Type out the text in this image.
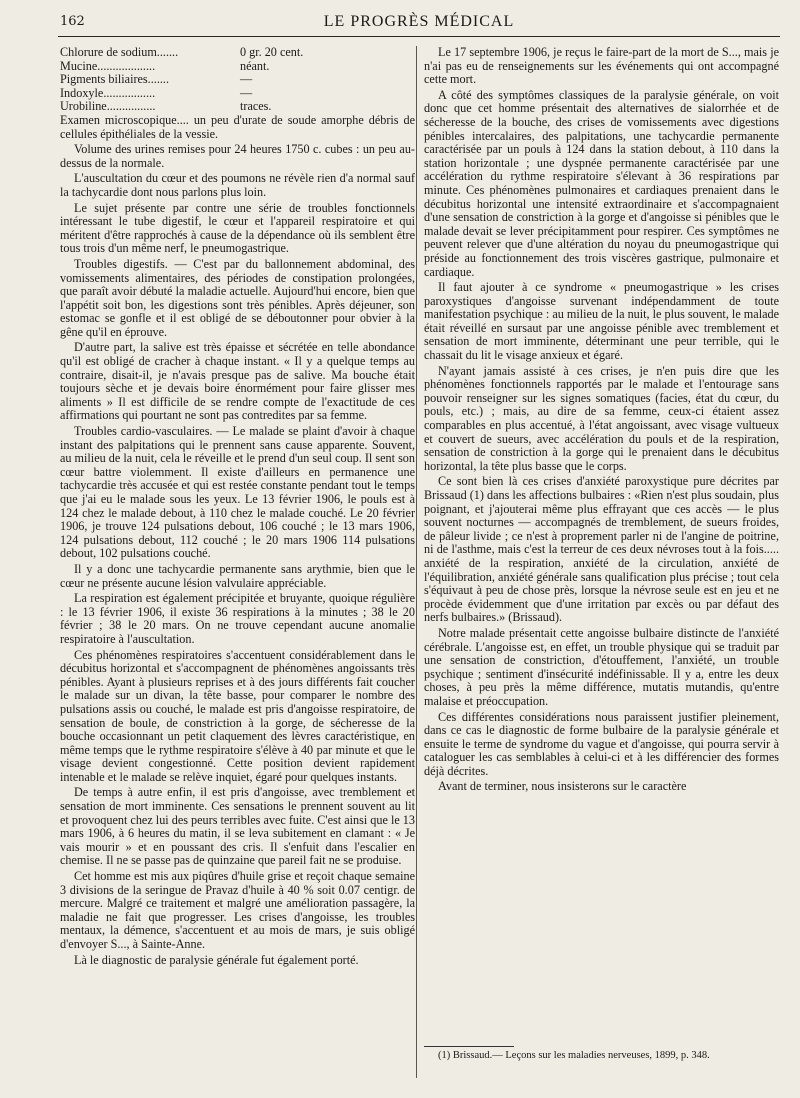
162	LE PROGRÈS MÉDICAL
Chlorure de sodium.......	0 gr. 20 cent.
Mucine...................	néant.
Pigments biliaires.......	—
Indoxyle.................	—
Urobiline................	traces.
Examen microscopique.... un peu d'urate de soude amorphe débris de cellules épithéliales de la vessie.

Volume des urines remises pour 24 heures 1750 c. cubes : un peu au-dessus de la normale.

L'auscultation du cœur et des poumons ne révèle rien d'a normal sauf la tachycardie dont nous parlons plus loin.

Le sujet présente par contre une série de troubles fonctionnels intéressant le tube digestif, le cœur et l'appareil respiratoire et qui méritent d'être rapprochés à cause de la dépendance où ils semblent être tous trois d'un même nerf, le pneumogastrique.

Troubles digestifs. — C'est par du ballonnement abdominal, des vomissements alimentaires, des périodes de constipation prolongées, que paraît avoir débuté la maladie actuelle. Aujourd'hui encore, bien que l'appétit soit bon, les digestions sont très pénibles. Après déjeuner, son estomac se gonfle et il est obligé de se déboutonner pour obvier à la gêne qu'il en éprouve.

D'autre part, la salive est très épaisse et sécrétée en telle abondance qu'il est obligé de cracher à chaque instant. « Il y a quelque temps au contraire, disait-il, je n'avais presque pas de salive. Ma bouche était toujours sèche et je devais boire énormément pour faire glisser mes aliments » Il est difficile de se rendre compte de l'exactitude de ces affirmations qui pourtant ne sont pas contredites par sa femme.

Troubles cardio-vasculaires. — Le malade se plaint d'avoir à chaque instant des palpitations qui le prennent sans cause apparente. Souvent, au milieu de la nuit, cela le réveille et le prend d'un seul coup. Il sent son cœur battre violemment. Il existe d'ailleurs en permanence une tachycardie très accusée et qui est restée constante pendant tout le temps que j'ai eu le malade sous les yeux. Le 13 février 1906, le pouls est à 124 chez le malade debout, à 110 chez le malade couché. Le 20 février 1906, je trouve 124 pulsations debout, 106 couché ; le 13 mars 1906, 124 pulsations debout, 112 couché ; le 20 mars 1906 114 pulsations debout, 102 pulsations couché.

Il y a donc une tachycardie permanente sans arythmie, bien que le cœur ne présente aucune lésion valvulaire appréciable.

La respiration est également précipitée et bruyante, quoique régulière : le 13 février 1906, il existe 36 respirations à la minutes ; 38 le 20 février ; 38 le 20 mars. On ne trouve cependant aucune anomalie respiratoire à l'auscultation.

Ces phénomènes respiratoires s'accentuent considérablement dans le décubitus horizontal et s'accompagnent de phénomènes angoissants très pénibles. Ayant à plusieurs reprises et à des jours différents fait coucher le malade sur un divan, la tête basse, pour comparer le nombre des pulsations assis ou couché, le malade est pris d'angoisse respiratoire, de sensation de boule, de constriction à la gorge, de sécheresse de la bouche occasionnant un petit claquement des lèvres caractéristique, en même temps que le rythme respiratoire s'élève à 40 par minute et que le visage devient congestionné. Cette position devient rapidement intenable et le malade se relève inquiet, égaré pour quelques instants.

De temps à autre enfin, il est pris d'angoisse, avec tremblement et sensation de mort imminente. Ces sensations le prennent souvent au lit et provoquent chez lui des peurs terribles avec fuite. C'est ainsi que le 13 mars 1906, à 6 heures du matin, il se leva subitement en clamant : « Je vais mourir » et en poussant des cris. Il s'enfuit dans l'escalier en chemise. Il ne se passe pas de quinzaine que pareil fait ne se produise.

Cet homme est mis aux piqûres d'huile grise et reçoit chaque semaine 3 divisions de la seringue de Pravaz d'huile à 40 % soit 0.07 centigr. de mercure. Malgré ce traitement et malgré une amélioration passagère, la maladie ne fait que progresser. Les crises d'angoisse, les troubles mentaux, la démence, s'accentuent et au mois de mars, je suis obligé d'envoyer S..., à Sainte-Anne.

Là le diagnostic de paralysie générale fut également porté.

Le 17 septembre 1906, je reçus le faire-part de la mort de S..., mais je n'ai pas eu de renseignements sur les événements qui ont accompagné cette mort.

A côté des symptômes classiques de la paralysie générale, on voit donc que cet homme présentait des alternatives de sialorrhée et de sécheresse de la bouche, des crises de vomissements avec digestions pénibles intercalaires, des palpitations, une tachycardie permanente caractérisée par un pouls à 124 dans la station debout, à 110 dans la station horizontale ; une dyspnée permanente caractérisée par une accélération du rythme respiratoire s'élevant à 36 respirations par minute. Ces phénomènes pulmonaires et cardiaques prenaient dans le décubitus horizontal une intensité extraordinaire et s'accompagnaient d'une sensation de constriction à la gorge et d'angoisse si pénibles que le malade devait se lever précipitamment pour respirer. Ces symptômes ne peuvent relever que d'une altération du noyau du pneumogastrique qui préside au fonctionnement des trois viscères gastrique, pulmonaire et cardiaque.

Il faut ajouter à ce syndrome « pneumogastrique » les crises paroxystiques d'angoisse survenant indépendamment de toute manifestation psychique : au milieu de la nuit, le plus souvent, le malade était réveillé en sursaut par une angoisse pénible avec tremblement et sensation de mort imminente, déterminant une peur terrible, qui le chassait du lit le visage anxieux et égaré.

N'ayant jamais assisté à ces crises, je n'en puis dire que les phénomènes fonctionnels rapportés par le malade et l'entourage sans pouvoir renseigner sur les signes somatiques (facies, état du cœur, du pouls, etc.) ; mais, au dire de sa femme, ceux-ci étaient assez comparables en plus accentué, à l'état angoissant, avec visage vultueux et couvert de sueurs, avec accélération du pouls et de la respiration, sensation de constriction à la gorge qui le prenaient dans le décubitus horizontal, la tête plus basse que le corps.

Ce sont bien là ces crises d'anxiété paroxystique pure décrites par Brissaud (1) dans les affections bulbaires : «Rien n'est plus soudain, plus poignant, et j'ajouterai même plus effrayant que ces accès — le plus souvent nocturnes — accompagnés de tremblement, de sueurs froides, de pâleur livide ; ce n'est à proprement parler ni de l'angine de poitrine, ni de l'asthme, mais c'est la terreur de ces deux névroses tout à la fois..... anxiété de la respiration, anxiété de la circulation, anxiété de l'équilibration, anxiété générale sans qualification plus précise ; tout cela s'équivaut à peu de chose près, lorsque la névrose seule est en jeu et ne procède évidemment que d'une irritation par excès ou par défaut des nerfs bulbaires.» (Brissaud).

Notre malade présentait cette angoisse bulbaire distincte de l'anxiété cérébrale. L'angoisse est, en effet, un trouble physique qui se traduit par une sensation de constriction, d'étouffement, l'anxiété, un trouble psychique ; sentiment d'insécurité indéfinissable. Il y a, entre les deux choses, à peu près la même différence, mutatis mutandis, qu'entre malaise et préoccupation.

Ces différentes considérations nous paraissent justifier pleinement, dans ce cas le diagnostic de forme bulbaire de la paralysie générale et ensuite le terme de syndrome du vague et d'angoisse, qui pourra servir à cataloguer les cas semblables à celui-ci et à les différencier des formes déjà décrites.

Avant de terminer, nous insisterons sur le caractère

(1) Brissaud.— Leçons sur les maladies nerveuses, 1899, p. 348.
